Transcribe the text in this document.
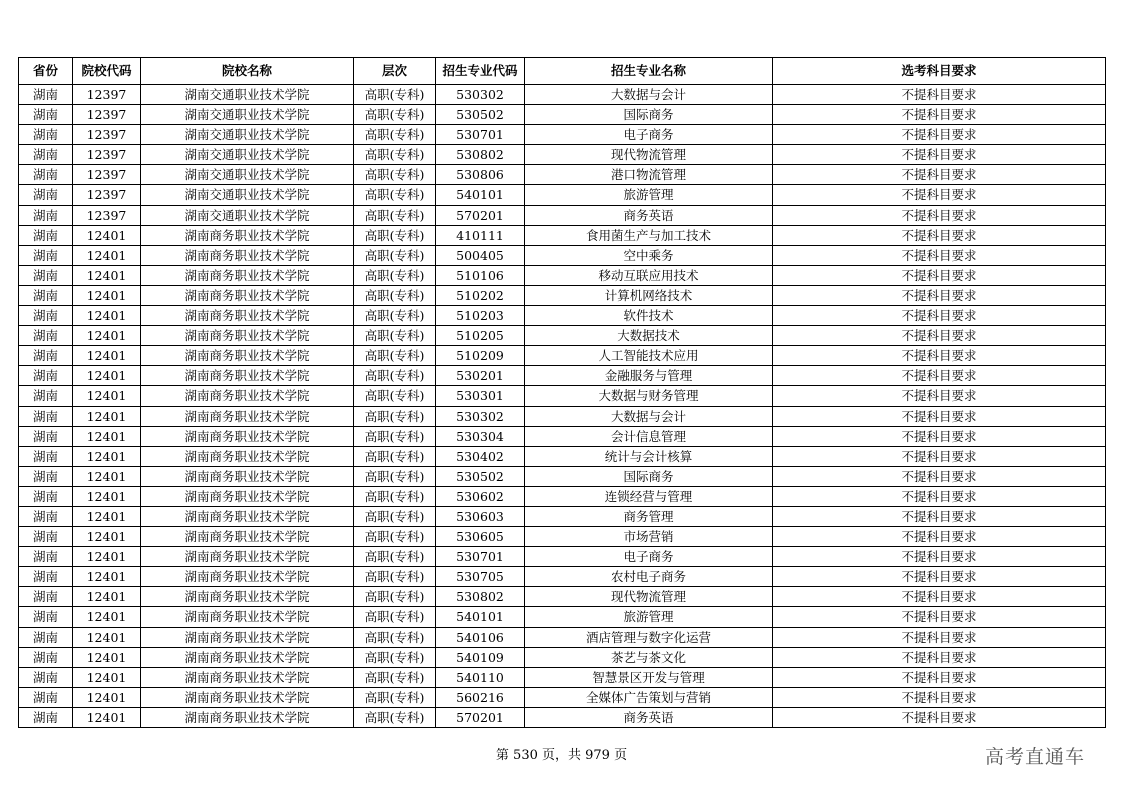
省份	院校代码	院校名称	层次	招生专业代码	招生专业名称	选考科目要求
湖南	12397	湖南交通职业技术学院	高职(专科)	530302	大数据与会计	不提科目要求
湖南	12397	湖南交通职业技术学院	高职(专科)	530502	国际商务	不提科目要求
湖南	12397	湖南交通职业技术学院	高职(专科)	530701	电子商务	不提科目要求
湖南	12397	湖南交通职业技术学院	高职(专科)	530802	现代物流管理	不提科目要求
湖南	12397	湖南交通职业技术学院	高职(专科)	530806	港口物流管理	不提科目要求
湖南	12397	湖南交通职业技术学院	高职(专科)	540101	旅游管理	不提科目要求
湖南	12397	湖南交通职业技术学院	高职(专科)	570201	商务英语	不提科目要求
湖南	12401	湖南商务职业技术学院	高职(专科)	410111	食用菌生产与加工技术	不提科目要求
湖南	12401	湖南商务职业技术学院	高职(专科)	500405	空中乘务	不提科目要求
湖南	12401	湖南商务职业技术学院	高职(专科)	510106	移动互联应用技术	不提科目要求
湖南	12401	湖南商务职业技术学院	高职(专科)	510202	计算机网络技术	不提科目要求
湖南	12401	湖南商务职业技术学院	高职(专科)	510203	软件技术	不提科目要求
湖南	12401	湖南商务职业技术学院	高职(专科)	510205	大数据技术	不提科目要求
湖南	12401	湖南商务职业技术学院	高职(专科)	510209	人工智能技术应用	不提科目要求
湖南	12401	湖南商务职业技术学院	高职(专科)	530201	金融服务与管理	不提科目要求
湖南	12401	湖南商务职业技术学院	高职(专科)	530301	大数据与财务管理	不提科目要求
湖南	12401	湖南商务职业技术学院	高职(专科)	530302	大数据与会计	不提科目要求
湖南	12401	湖南商务职业技术学院	高职(专科)	530304	会计信息管理	不提科目要求
湖南	12401	湖南商务职业技术学院	高职(专科)	530402	统计与会计核算	不提科目要求
湖南	12401	湖南商务职业技术学院	高职(专科)	530502	国际商务	不提科目要求
湖南	12401	湖南商务职业技术学院	高职(专科)	530602	连锁经营与管理	不提科目要求
湖南	12401	湖南商务职业技术学院	高职(专科)	530603	商务管理	不提科目要求
湖南	12401	湖南商务职业技术学院	高职(专科)	530605	市场营销	不提科目要求
湖南	12401	湖南商务职业技术学院	高职(专科)	530701	电子商务	不提科目要求
湖南	12401	湖南商务职业技术学院	高职(专科)	530705	农村电子商务	不提科目要求
湖南	12401	湖南商务职业技术学院	高职(专科)	530802	现代物流管理	不提科目要求
湖南	12401	湖南商务职业技术学院	高职(专科)	540101	旅游管理	不提科目要求
湖南	12401	湖南商务职业技术学院	高职(专科)	540106	酒店管理与数字化运营	不提科目要求
湖南	12401	湖南商务职业技术学院	高职(专科)	540109	茶艺与茶文化	不提科目要求
湖南	12401	湖南商务职业技术学院	高职(专科)	540110	智慧景区开发与管理	不提科目要求
湖南	12401	湖南商务职业技术学院	高职(专科)	560216	全媒体广告策划与营销	不提科目要求
湖南	12401	湖南商务职业技术学院	高职(专科)	570201	商务英语	不提科目要求
第 530 页，共 979 页	高考直通车
